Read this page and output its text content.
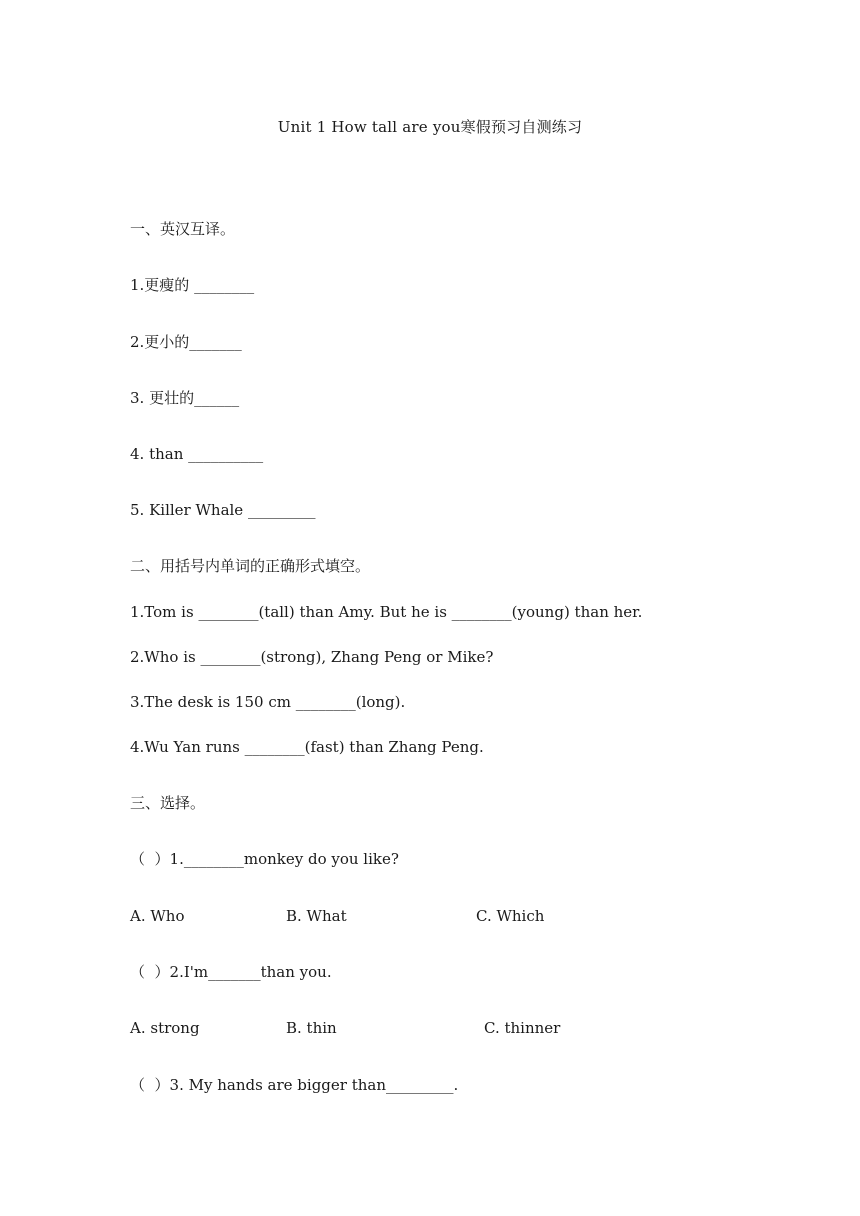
Unit 1 How tall are you寒假预习自测练习
一、英汉互译。
1.更瘦的 ________
2.更小的_______
3. 更壮的______
4. than __________
5. Killer Whale _________
二、用括号内单词的正确形式填空。
1.Tom is ________(tall) than Amy. But he is ________(young) than her.
2.Who is ________(strong), Zhang Peng or Mike?
3.The desk is 150 cm ________(long).
4.Wu Yan runs ________(fast) than Zhang Peng.
三、选择。
（  ）1.________monkey do you like?
A. Who	B. What	C. Which
（  ）2.I'm_______than you.
A. strong	B. thin	C. thinner
（  ）3. My hands are bigger than_________.
